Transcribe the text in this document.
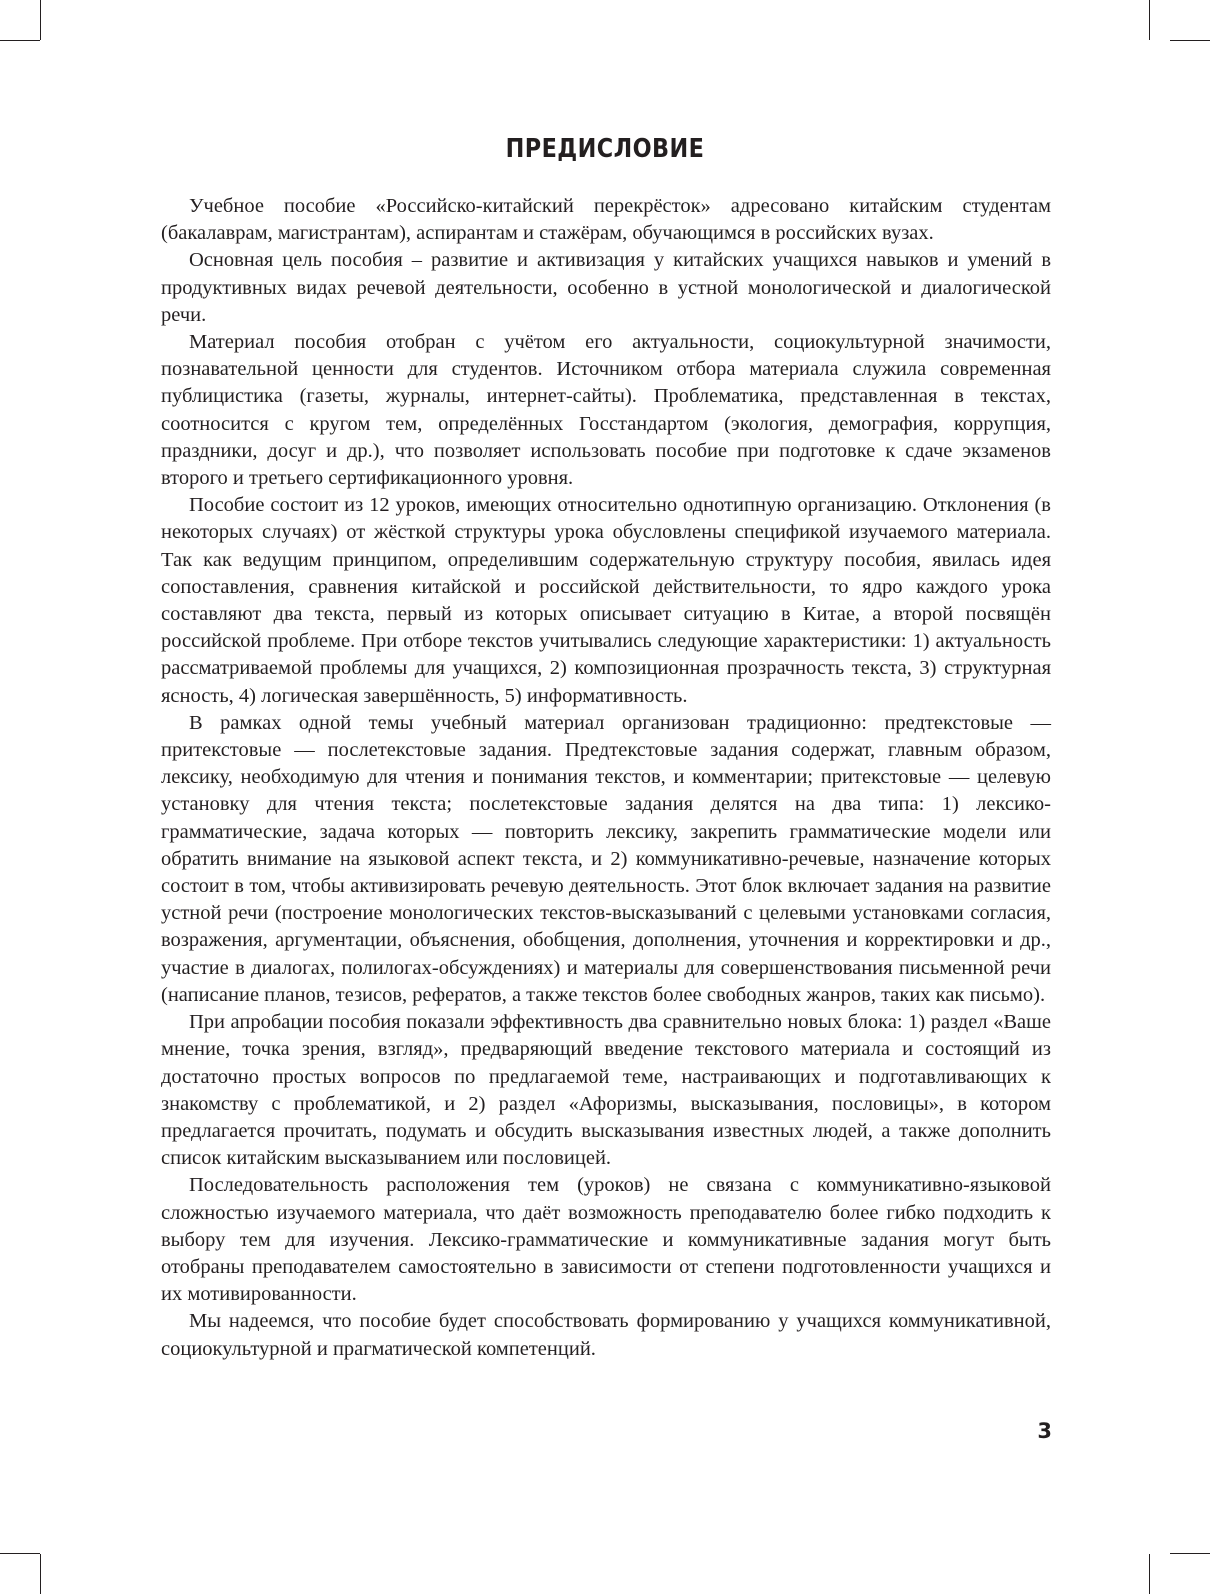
ПРЕДИСЛОВИЕ

Учебное пособие «Российско-китайский перекрёсток» адресовано китайским студентам (бакалаврам, магистрантам), аспирантам и стажёрам, обучающимся в российских вузах.

Основная цель пособия – развитие и активизация у китайских учащихся навыков и умений в продуктивных видах речевой деятельности, особенно в устной монологической и диалогической речи.

Материал пособия отобран с учётом его актуальности, социокультурной значимости, познавательной ценности для студентов. Источником отбора материала служила современная публицистика (газеты, журналы, интернет-сайты). Проблематика, представленная в текстах, соотносится с кругом тем, определённых Госстандартом (экология, демография, коррупция, праздники, досуг и др.), что позволяет использовать пособие при подготовке к сдаче экзаменов второго и третьего сертификационного уровня.

Пособие состоит из 12 уроков, имеющих относительно однотипную организацию. Отклонения (в некоторых случаях) от жёсткой структуры урока обусловлены спецификой изучаемого материала. Так как ведущим принципом, определившим содержательную структуру пособия, явилась идея сопоставления, сравнения китайской и российской действительности, то ядро каждого урока составляют два текста, первый из которых описывает ситуацию в Китае, а второй посвящён российской проблеме. При отборе текстов учитывались следующие характеристики: 1) актуальность рассматриваемой проблемы для учащихся, 2) композиционная прозрачность текста, 3) структурная ясность, 4) логическая завершённость, 5) информативность.

В рамках одной темы учебный материал организован традиционно: предтекстовые — притекстовые — послетекстовые задания. Предтекстовые задания содержат, главным образом, лексику, необходимую для чтения и понимания текстов, и комментарии; притекстовые — целевую установку для чтения текста; послетекстовые задания делятся на два типа: 1) лексико-грамматические, задача которых — повторить лексику, закрепить грамматические модели или обратить внимание на языковой аспект текста, и 2) коммуникативно-речевые, назначение которых состоит в том, чтобы активизировать речевую деятельность. Этот блок включает задания на развитие устной речи (построение монологических текстов-высказываний с целевыми установками согласия, возражения, аргументации, объяснения, обобщения, дополнения, уточнения и корректировки и др., участие в диалогах, полилогах-обсуждениях) и материалы для совершенствования письменной речи (написание планов, тезисов, рефератов, а также текстов более свободных жанров, таких как письмо).

При апробации пособия показали эффективность два сравнительно новых блока: 1) раздел «Ваше мнение, точка зрения, взгляд», предваряющий введение текстового материала и состоящий из достаточно простых вопросов по предлагаемой теме, настраивающих и подготавливающих к знакомству с проблематикой, и 2) раздел «Афоризмы, высказывания, пословицы», в котором предлагается прочитать, подумать и обсудить высказывания известных людей, а также дополнить список китайским высказыванием или пословицей.

Последовательность расположения тем (уроков) не связана с коммуникативно-языковой сложностью изучаемого материала, что даёт возможность преподавателю более гибко подходить к выбору тем для изучения. Лексико-грамматические и коммуникативные задания могут быть отобраны преподавателем самостоятельно в зависимости от степени подготовленности учащихся и их мотивированности.

Мы надеемся, что пособие будет способствовать формированию у учащихся коммуникативной, социокультурной и прагматической компетенций.

3
